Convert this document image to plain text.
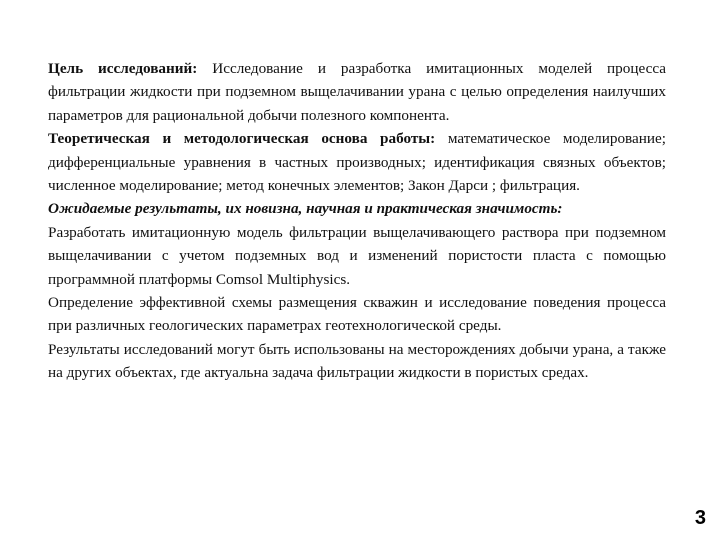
Цель исследований: Исследование и разработка имитационных моделей процесса фильтрации жидкости при подземном выщелачивании урана с целью определения наилучших параметров для рациональной добычи полезного компонента.

Теоретическая и методологическая основа работы: математическое моделирование; дифференциальные уравнения в частных производных; идентификация связных объектов; численное моделирование; метод конечных элементов; Закон Дарси ; фильтрация.

Ожидаемые результаты, их новизна, научная и практическая значимость:

Разработать имитационную модель фильтрации выщелачивающего раствора при подземном выщелачивании с учетом подземных вод и изменений пористости пласта с помощью программной платформы Comsol Multiphysics.

Определение эффективной схемы размещения скважин и исследование поведения процесса при различных геологических параметрах геотехнологической среды.

Результаты исследований могут быть использованы на месторождениях добычи урана, а также на других объектах, где актуальна задача фильтрации жидкости в пористых средах.

3
